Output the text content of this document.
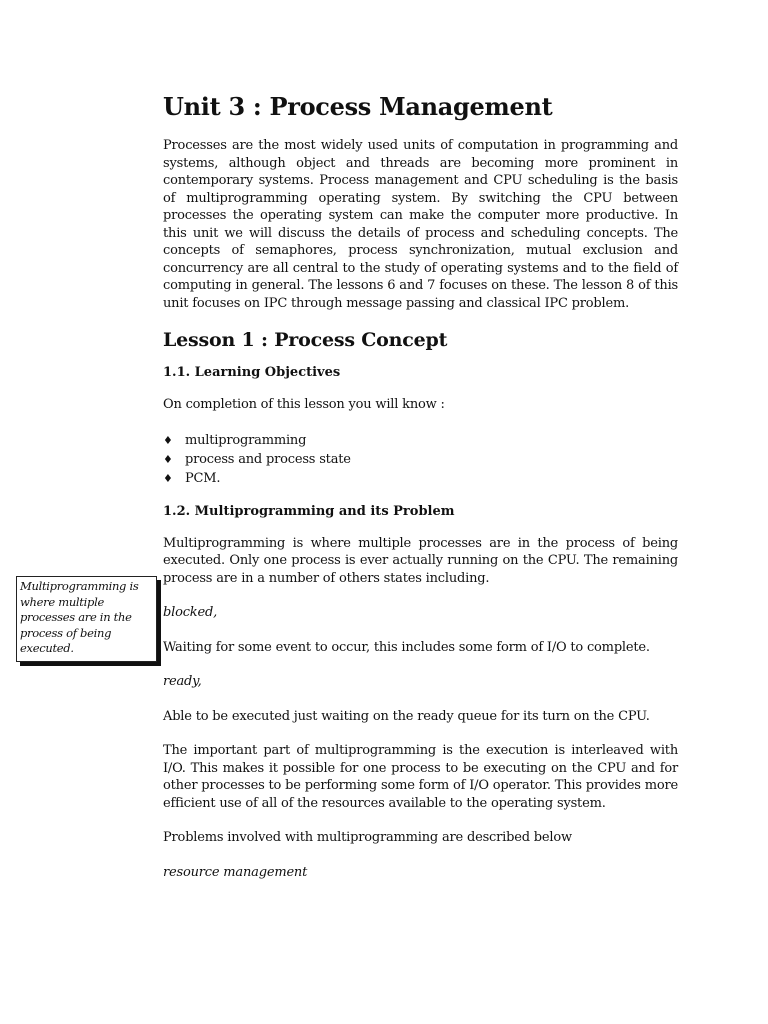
Unit 3 : Process Management

Processes are the most widely used units of computation in programming and systems, although object and threads are becoming more prominent in contemporary systems. Process management and CPU scheduling is the basis of multiprogramming operating system. By switching the CPU between processes the operating system can make the computer more productive. In this unit we will discuss the details of process and scheduling concepts. The concepts of semaphores, process synchronization, mutual exclusion and concurrency are all central to the study of operating systems and to the field of computing in general. The lessons 6 and 7 focuses on these. The lesson 8 of this unit focuses on IPC through message passing and classical IPC problem.

Lesson 1 : Process Concept
1.1. Learning Objectives

On completion of this lesson you will know :

♦ multiprogramming
♦ process and process state
♦ PCM.
1.2. Multiprogramming and its Problem

Multiprogramming is where multiple processes are in the process of being executed. Only one process is ever actually running on the CPU. The remaining process are in a number of others states including.

blocked,

Waiting for some event to occur, this includes some form of I/O to complete.

ready,

Able to be executed just waiting on the ready queue for its turn on the CPU.

The important part of multiprogramming is the execution is interleaved with I/O. This makes it possible for one process to be executing on the CPU and for other processes to be performing some form of I/O operator. This provides more efficient use of all of the resources available to the operating system.

Problems involved with multiprogramming are described below

resource management

Multiprogramming is where multiple processes are in the process of being executed.
